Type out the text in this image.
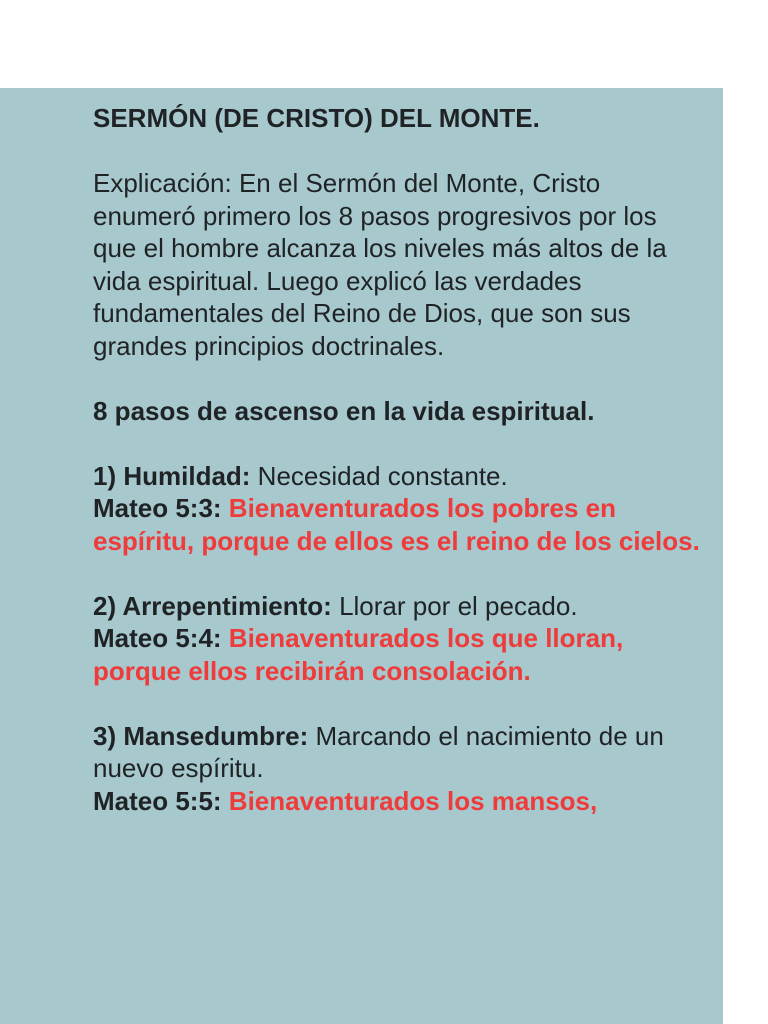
SERMÓN (DE CRISTO) DEL MONTE.

Explicación: En el Sermón del Monte, Cristo enumeró primero los 8 pasos progresivos por los que el hombre alcanza los niveles más altos de la vida espiritual. Luego explicó las verdades fundamentales del Reino de Dios, que son sus grandes principios doctrinales.

8 pasos de ascenso en la vida espiritual.

1) Humildad: Necesidad constante.
Mateo 5:3: Bienaventurados los pobres en espíritu, porque de ellos es el reino de los cielos.

2) Arrepentimiento: Llorar por el pecado.
Mateo 5:4: Bienaventurados los que lloran, porque ellos recibirán consolación.

3) Mansedumbre: Marcando el nacimiento de un nuevo espíritu.
Mateo 5:5: Bienaventurados los mansos,
